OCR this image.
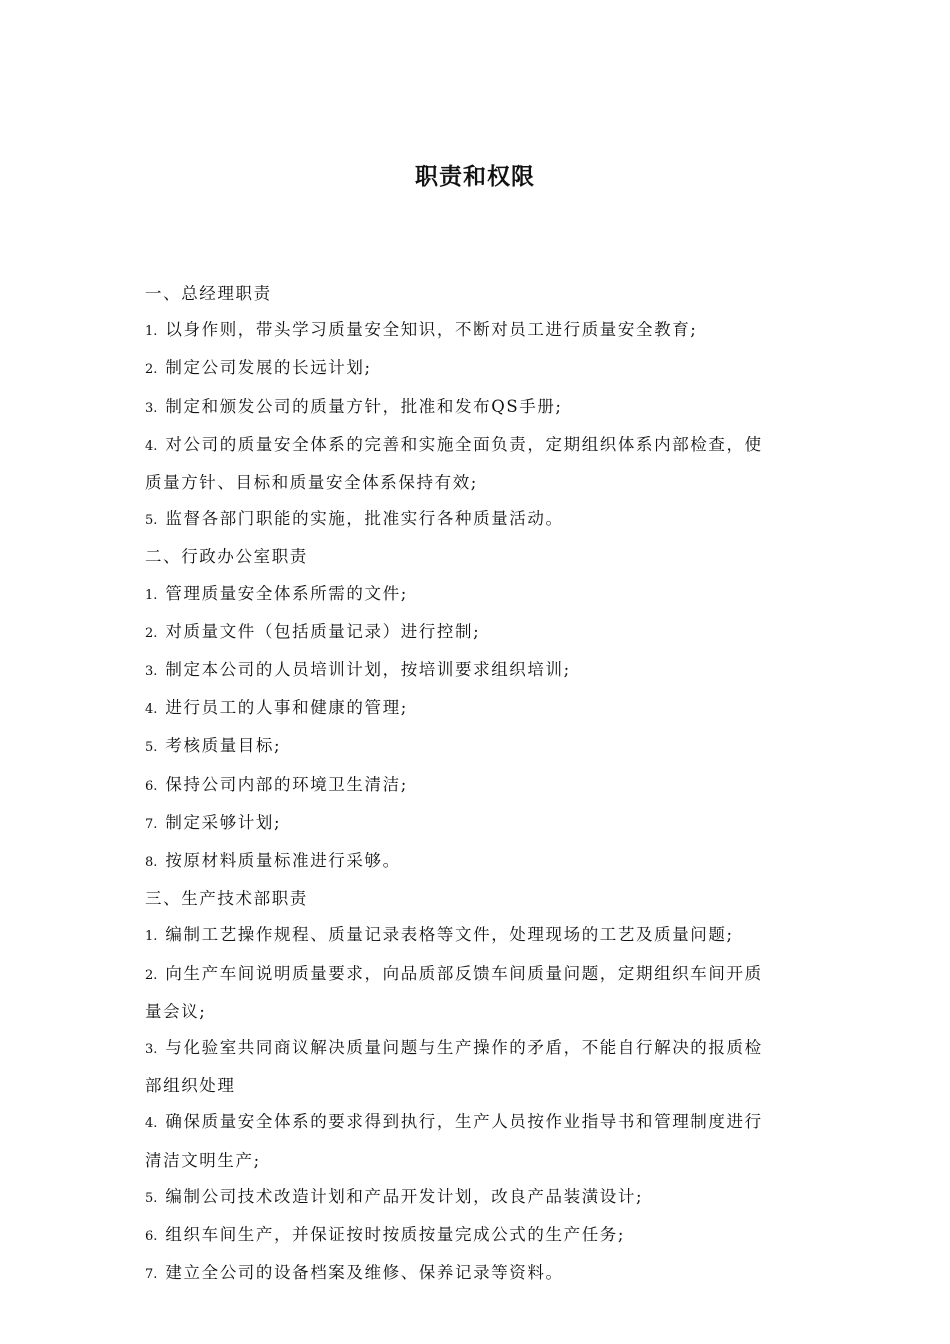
职责和权限
一、总经理职责
1. 以身作则，带头学习质量安全知识，不断对员工进行质量安全教育;
2. 制定公司发展的长远计划;
3. 制定和颁发公司的质量方针，批准和发布QS手册;
4. 对公司的质量安全体系的完善和实施全面负责，定期组织体系内部检查，使
质量方针、目标和质量安全体系保持有效;
5. 监督各部门职能的实施，批准实行各种质量活动。
二、行政办公室职责
1. 管理质量安全体系所需的文件;
2. 对质量文件（包括质量记录）进行控制;
3. 制定本公司的人员培训计划，按培训要求组织培训;
4. 进行员工的人事和健康的管理;
5. 考核质量目标;
6. 保持公司内部的环境卫生清洁;
7. 制定采够计划;
8. 按原材料质量标准进行采够。
三、生产技术部职责
1. 编制工艺操作规程、质量记录表格等文件，处理现场的工艺及质量问题;
2. 向生产车间说明质量要求，向品质部反馈车间质量问题，定期组织车间开质
量会议;
3. 与化验室共同商议解决质量问题与生产操作的矛盾，不能自行解决的报质检
部组织处理
4. 确保质量安全体系的要求得到执行，生产人员按作业指导书和管理制度进行
清洁文明生产;
5. 编制公司技术改造计划和产品开发计划，改良产品装潢设计;
6. 组织车间生产，并保证按时按质按量完成公式的生产任务;
7. 建立全公司的设备档案及维修、保养记录等资料。
